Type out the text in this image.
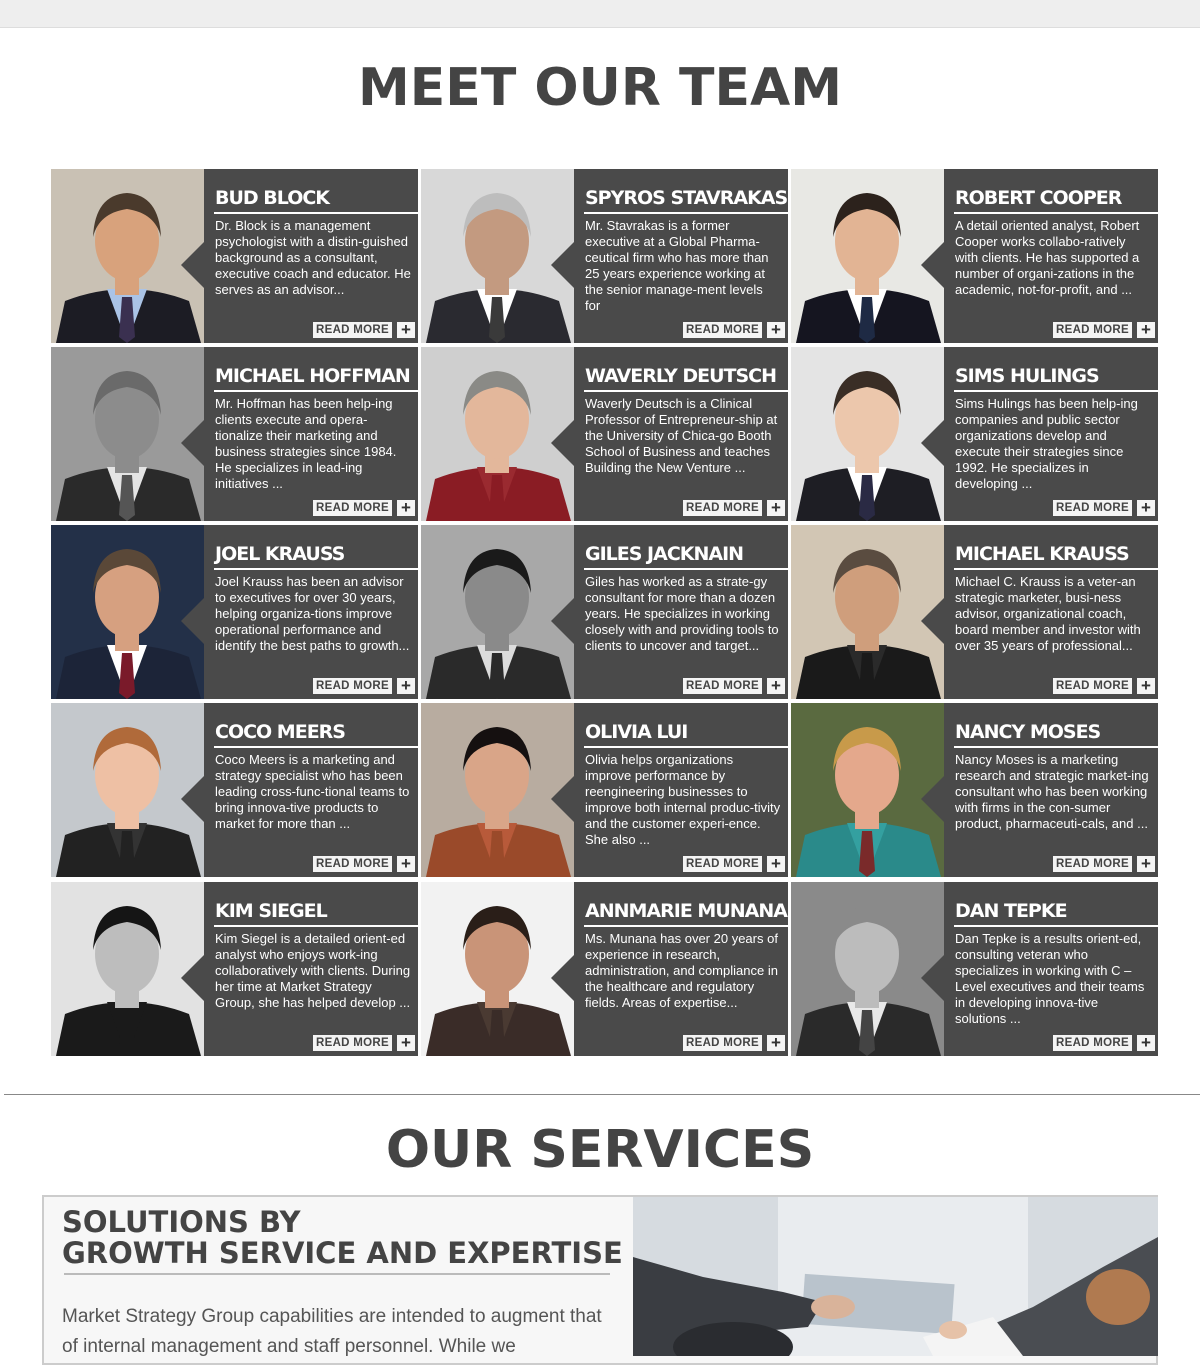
MEET OUR TEAM
BUD BLOCK

Dr. Block is a management psychologist with a distin-guished background as a consultant, executive coach and educator. He serves as an advisor...

READ MORE +
SPYROS STAVRAKAS

Mr. Stavrakas is a former executive at a Global Pharma-ceutical firm who has more than 25 years experience working at the senior manage-ment levels for

READ MORE +
ROBERT COOPER

A detail oriented analyst, Robert Cooper works collabo-ratively with clients. He has supported a number of organi-zations in the academic, not-for-profit, and ...

READ MORE +
MICHAEL HOFFMAN

Mr. Hoffman has been help-ing clients execute and opera-tionalize their marketing and business strategies since 1984. He specializes in lead-ing initiatives ...

READ MORE +
WAVERLY DEUTSCH

Waverly Deutsch is a Clinical Professor of Entrepreneur-ship at the University of Chica-go Booth School of Business and teaches Building the New Venture ...

READ MORE +
SIMS HULINGS

Sims Hulings has been help-ing companies and public sector organizations develop and execute their strategies since 1992. He specializes in developing ...

READ MORE +
JOEL KRAUSS

Joel Krauss has been an advisor to executives for over 30 years, helping organiza-tions improve operational performance and identify the best paths to growth...

READ MORE +
GILES JACKNAIN

Giles has worked as a strate-gy consultant for more than a dozen years. He specializes in working closely with and providing tools to clients to uncover and target...

READ MORE +
MICHAEL KRAUSS

Michael C. Krauss is a veter-an strategic marketer, busi-ness advisor, organizational coach, board member and investor with over 35 years of professional...

READ MORE +
COCO MEERS

Coco Meers is a marketing and strategy specialist who has been leading cross-func-tional teams to bring innova-tive products to market for more than ...

READ MORE +
OLIVIA LUI

Olivia helps organizations improve performance by reengineering businesses to improve both internal produc-tivity and the customer experi-ence. She also ...

READ MORE +
NANCY MOSES

Nancy Moses is a marketing research and strategic market-ing consultant who has been working with firms in the con-sumer product, pharmaceuti-cals, and ...

READ MORE +
KIM SIEGEL

Kim Siegel is a detailed orient-ed analyst who enjoys work-ing collaboratively with clients. During her time at Market Strategy Group, she has helped develop ...

READ MORE +
ANNMARIE MUNANA

Ms. Munana has over 20 years of experience in research, administration, and compliance in the healthcare and regulatory fields. Areas of expertise...

READ MORE +
DAN TEPKE

Dan Tepke is a results orient-ed, consulting veteran who specializes in working with C – Level executives and their teams in developing innova-tive solutions ...

READ MORE +
OUR SERVICES
SOLUTIONS BY
GROWTH SERVICE AND EXPERTISE

Market Strategy Group capabilities are intended to augment that of internal management and staff personnel. While we
